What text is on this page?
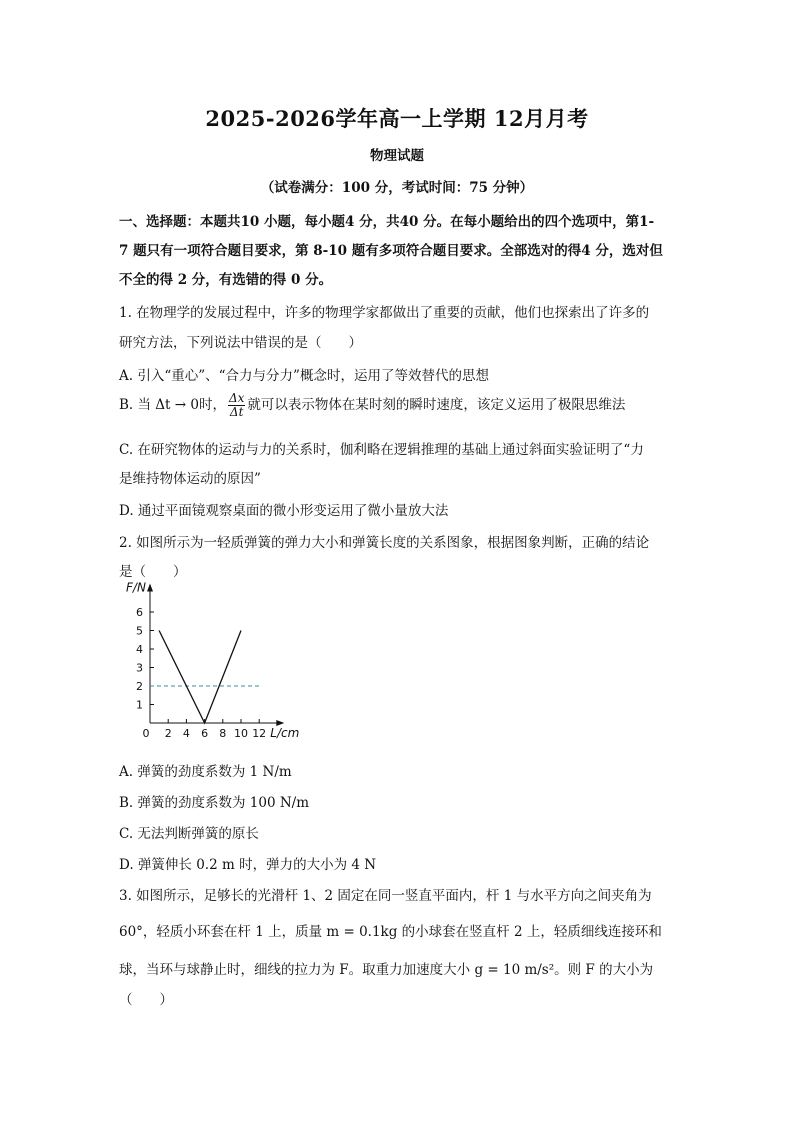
2025-2026学年高一上学期 12月月考
物理试题
（试卷满分：100 分，考试时间：75 分钟）
一、选择题：本题共10 小题，每小题4 分，共40 分。在每小题给出的四个选项中，第1-
7 题只有一项符合题目要求，第 8-10 题有多项符合题目要求。全部选对的得4 分，选对但
不全的得 2 分，有选错的得 0 分。
1. 在物理学的发展过程中，许多的物理学家都做出了重要的贡献，他们也探索出了许多的
研究方法，下列说法中错误的是（　　）
A. 引入“重心”、“合力与分力”概念时，运用了等效替代的思想
B. 当 Δt → 0时， $\frac{\Delta x}{\Delta t}$ 就可以表示物体在某时刻的瞬时速度，该定义运用了极限思维法
C. 在研究物体的运动与力的关系时，伽利略在逻辑推理的基础上通过斜面实验证明了“力
是维持物体运动的原因”
D. 通过平面镜观察桌面的微小形变运用了微小量放大法
2. 如图所示为一轻质弹簧的弹力大小和弹簧长度的关系图象，根据图象判断，正确的结论
是（　　）
1
2
3
4
5
6
0 2 4 6 8 10 12
F/N
L/cm
A. 弹簧的劲度系数为 1 N/m
B. 弹簧的劲度系数为 100 N/m
C. 无法判断弹簧的原长
D. 弹簧伸长 0.2 m 时，弹力的大小为 4 N
3. 如图所示，足够长的光滑杆 1、2 固定在同一竖直平面内，杆 1 与水平方向之间夹角为
60°，轻质小环套在杆 1 上，质量 m = 0.1kg 的小球套在竖直杆 2 上，轻质细线连接环和
球，当环与球静止时，细线的拉力为 F。取重力加速度大小 g = 10 m/s²。则 F 的大小为
（　　）
